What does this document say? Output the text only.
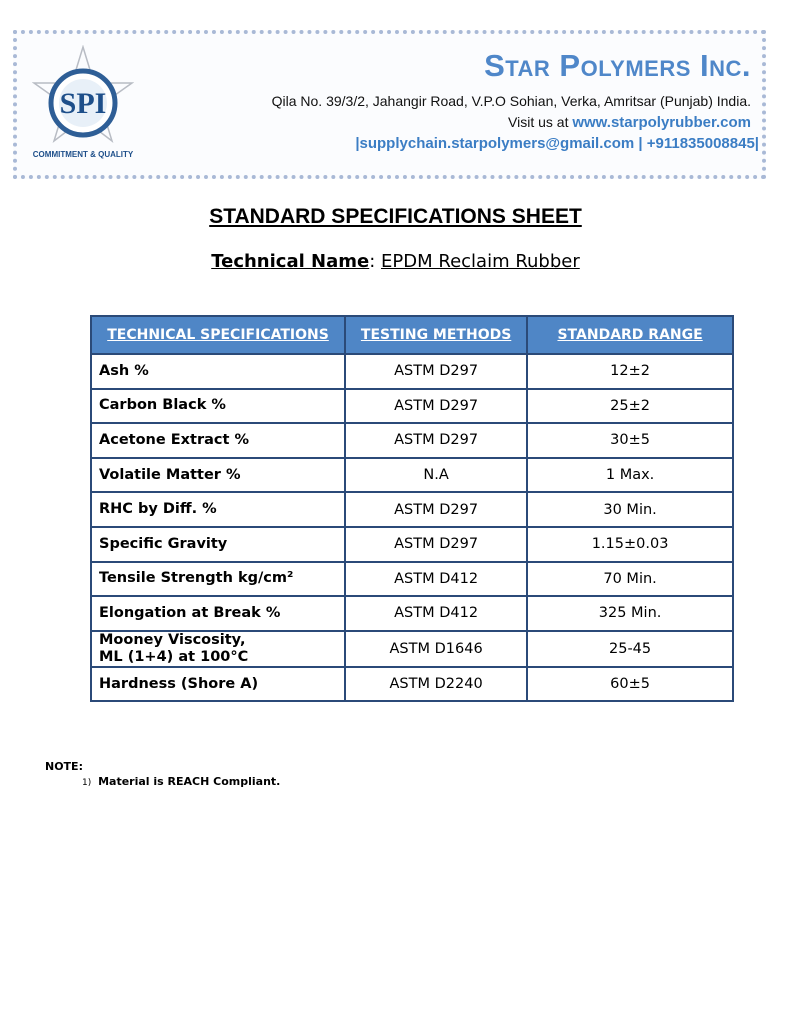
SPI
COMMITMENT & QUALITY
Star Polymers Inc.
Qila No. 39/3/2, Jahangir Road, V.P.O Sohian, Verka, Amritsar (Punjab) India.
Visit us at www.starpolyrubber.com
|supplychain.starpolymers@gmail.com | +911835008845|
STANDARD SPECIFICATIONS SHEET
Technical Name: EPDM Reclaim Rubber
TECHNICAL SPECIFICATIONS	TESTING METHODS	STANDARD RANGE
Ash %	ASTM D297	12±2
Carbon Black %	ASTM D297	25±2
Acetone Extract %	ASTM D297	30±5
Volatile Matter %	N.A	1 Max.
RHC by Diff. %	ASTM D297	30 Min.
Specific Gravity	ASTM D297	1.15±0.03
Tensile Strength kg/cm²	ASTM D412	70 Min.
Elongation at Break %	ASTM D412	325 Min.

Mooney Viscosity,
ML (1+4) at 100°C	ASTM D1646	25-45
Hardness (Shore A)	ASTM D2240	60±5
NOTE:
1) Material is REACH Compliant.
